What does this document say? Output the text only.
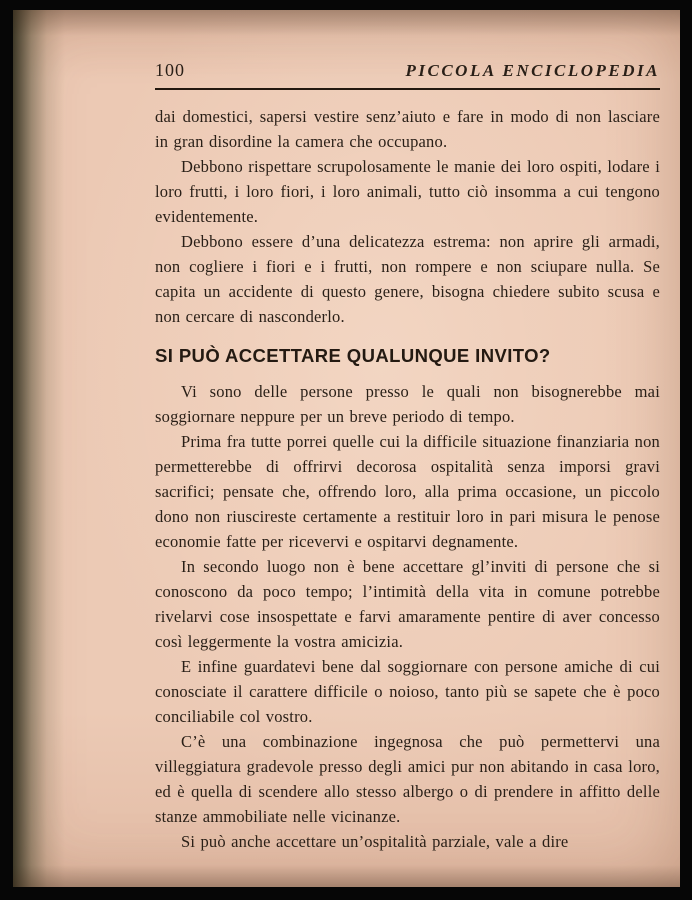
100	PICCOLA ENCICLOPEDIA

dai domestici, sapersi vestire senz’aiuto e fare in modo di non lasciare in gran disordine la camera che occupano.

Debbono rispettare scrupolosamente le manie dei loro ospiti, lodare i loro frutti, i loro fiori, i loro animali, tutto ciò insomma a cui tengono evidentemente.

Debbono essere d’una delicatezza estrema: non aprire gli armadi, non cogliere i fiori e i frutti, non rompere e non sciupare nulla. Se capita un accidente di questo genere, bisogna chiedere subito scusa e non cercare di nasconderlo.

SI PUÒ ACCETTARE QUALUNQUE INVITO?

Vi sono delle persone presso le quali non bisognerebbe mai soggiornare neppure per un breve periodo di tempo.

Prima fra tutte porrei quelle cui la difficile situazione finanziaria non permetterebbe di offrirvi decorosa ospitalità senza imporsi gravi sacrifici; pensate che, offrendo loro, alla prima occasione, un piccolo dono non riuscireste certamente a restituir loro in pari misura le penose economie fatte per ricevervi e ospitarvi degnamente.

In secondo luogo non è bene accettare gl’inviti di persone che si conoscono da poco tempo; l’intimità della vita in comune potrebbe rivelarvi cose insospettate e farvi amaramente pentire di aver concesso così leggermente la vostra amicizia.

E infine guardatevi bene dal soggiornare con persone amiche di cui conosciate il carattere difficile o noioso, tanto più se sapete che è poco conciliabile col vostro.

C’è una combinazione ingegnosa che può permettervi una villeggiatura gradevole presso degli amici pur non abitando in casa loro, ed è quella di scendere allo stesso albergo o di prendere in affitto delle stanze ammobiliate nelle vicinanze.

Si può anche accettare un’ospitalità parziale, vale a dire
